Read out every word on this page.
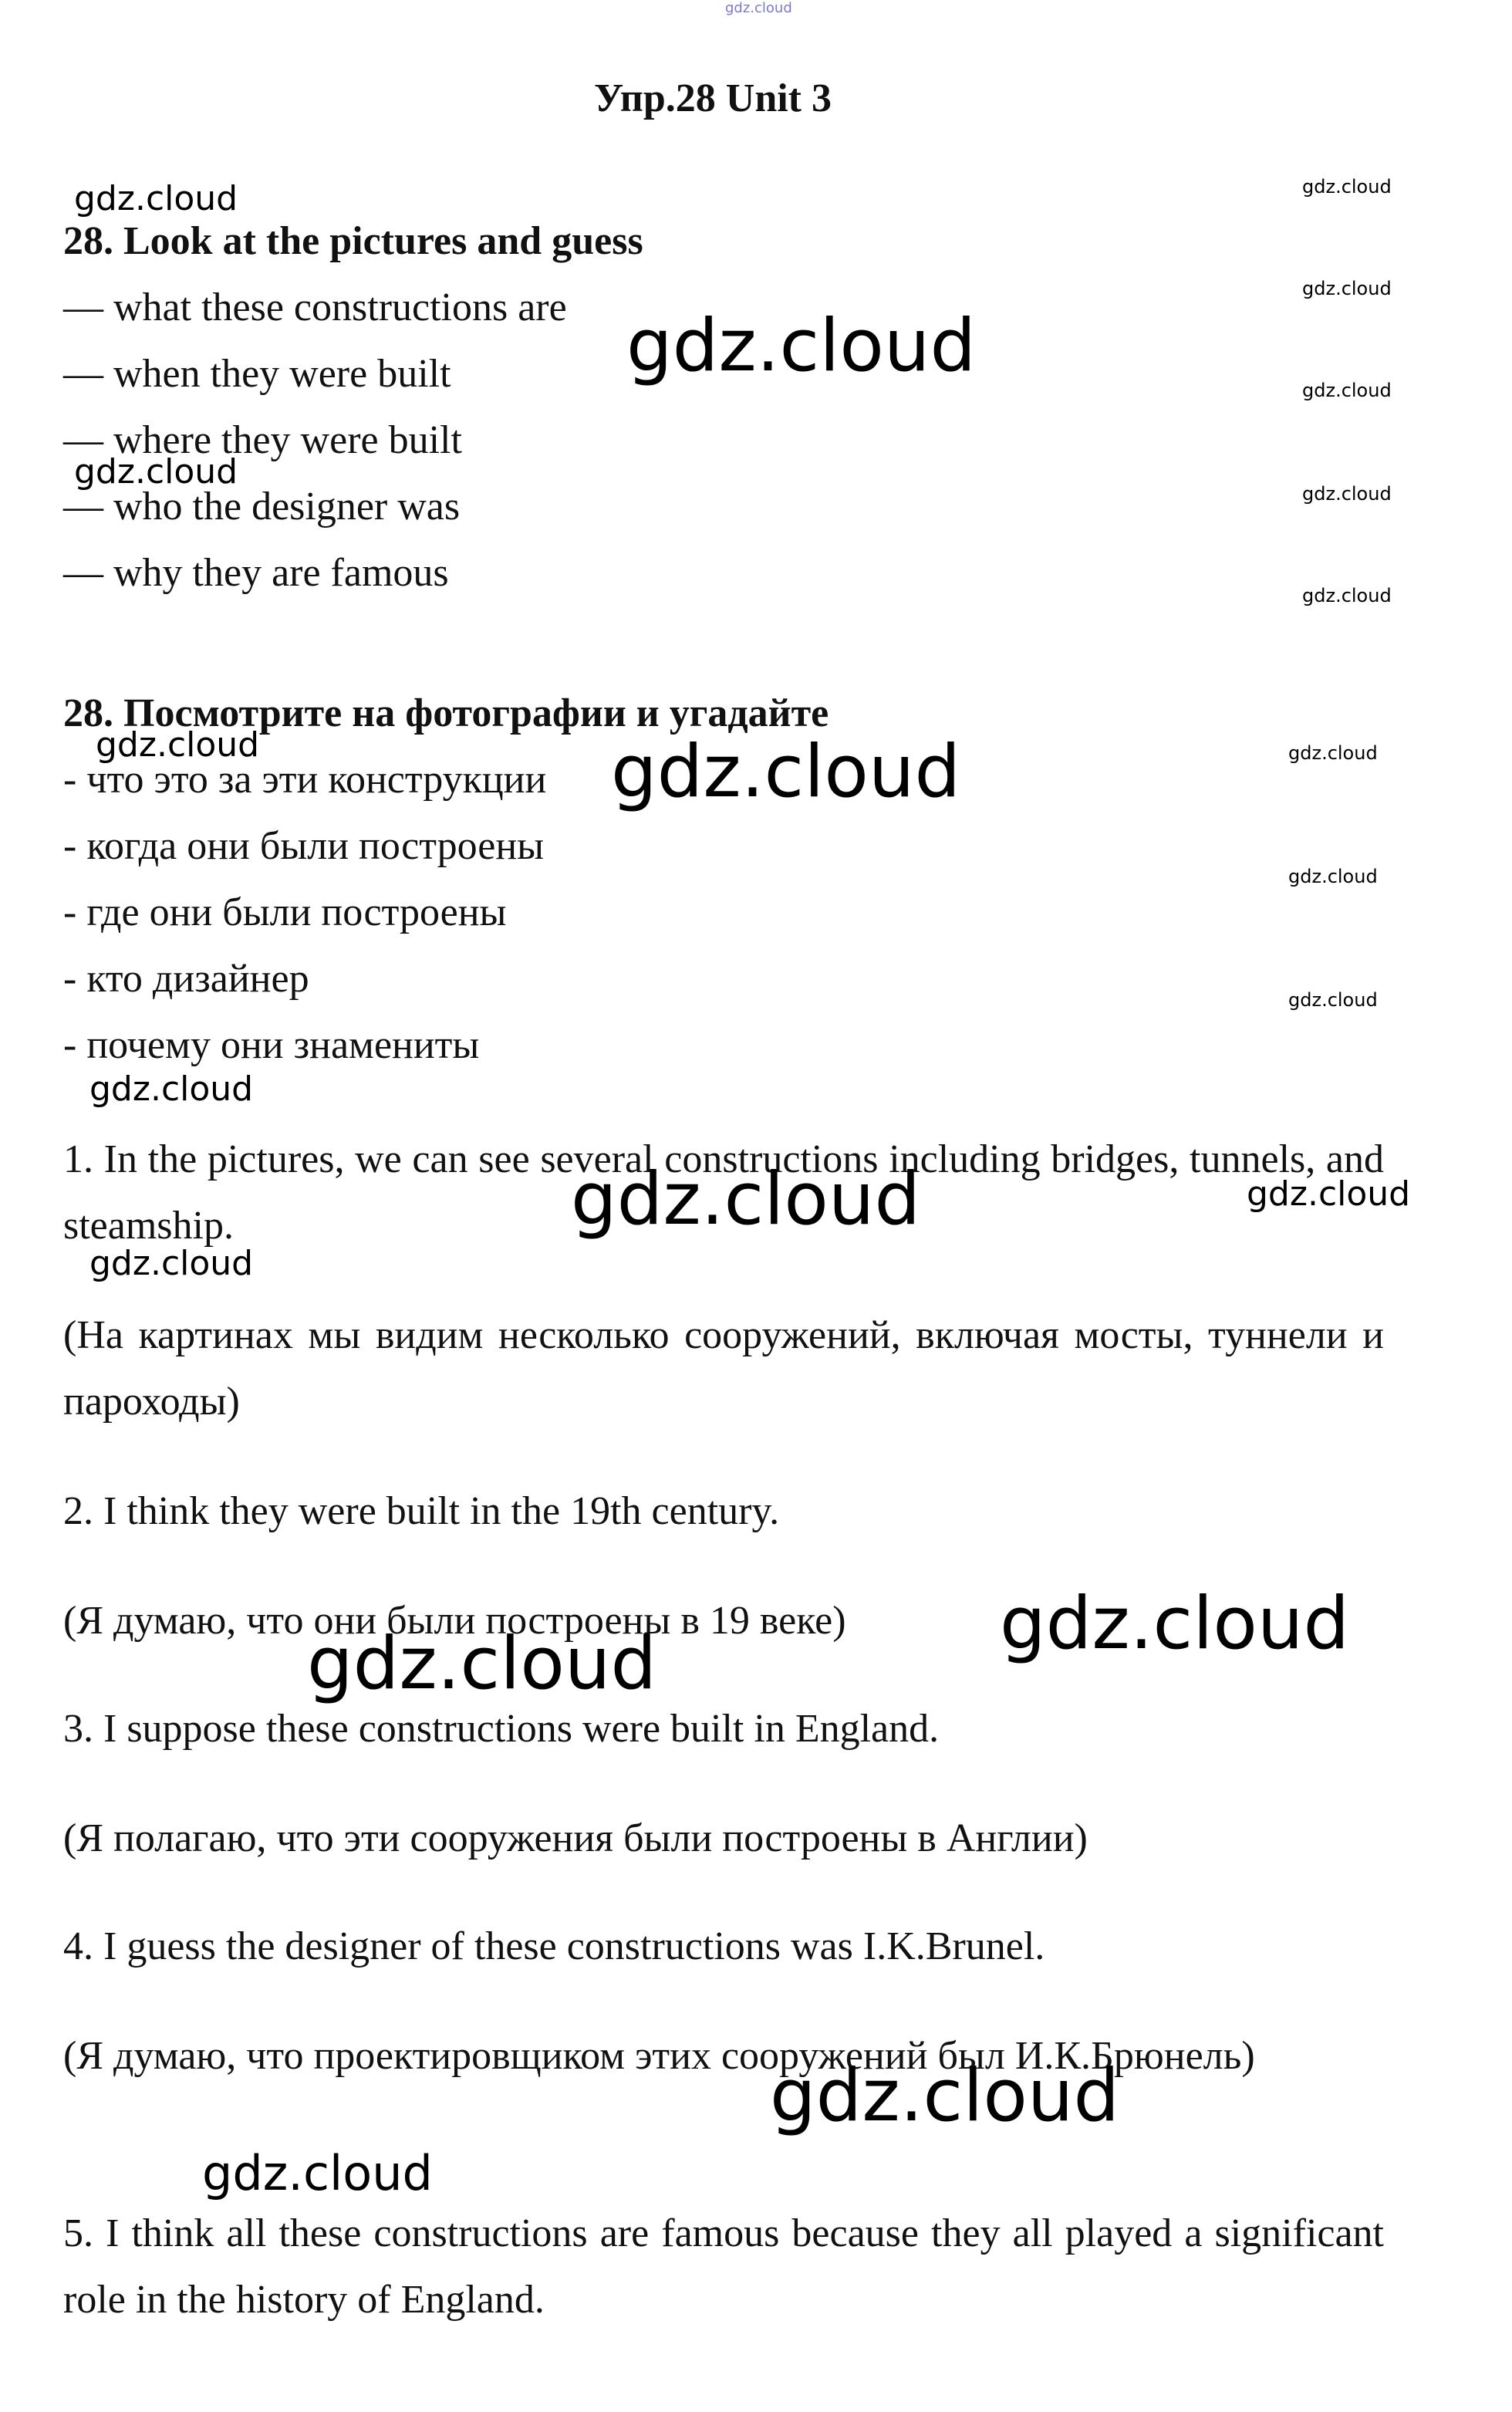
Упр.28 Unit 3
28. Look at the pictures and guess
— what these constructions are
— when they were built
— where they were built
— who the designer was
— why they are famous
28. Посмотрите на фотографии и угадайте
- что это за эти конструкции
- когда они были построены
- где они были построены
- кто дизайнер
- почему они знамениты

1. In the pictures, we can see several constructions including bridges, tunnels, and steamship.

(На картинах мы видим несколько сооружений, включая мосты, туннели и пароходы)

2. I think they were built in the 19th century.

(Я думаю, что они были построены в 19 веке)

3. I suppose these constructions were built in England.

(Я полагаю, что эти сооружения были построены в Англии)

4. I guess the designer of these constructions was I.K.Brunel.

(Я думаю, что проектировщиком этих сооружений был И.К.Брюнель)

5. I think all these constructions are famous because they all played a significant role in the history of England.

gdz.cloud
gdz.cloud	gdz.cloud
gdz.cloud
gdz.cloud
gdz.cloud
gdz.cloud
gdz.cloud
gdz.cloud
gdz.cloud	gdz.cloud	gdz.cloud
gdz.cloud
gdz.cloud
gdz.cloud
gdz.cloud	gdz.cloud
gdz.cloud
gdz.cloud
gdz.cloud
gdz.cloud
gdz.cloud
